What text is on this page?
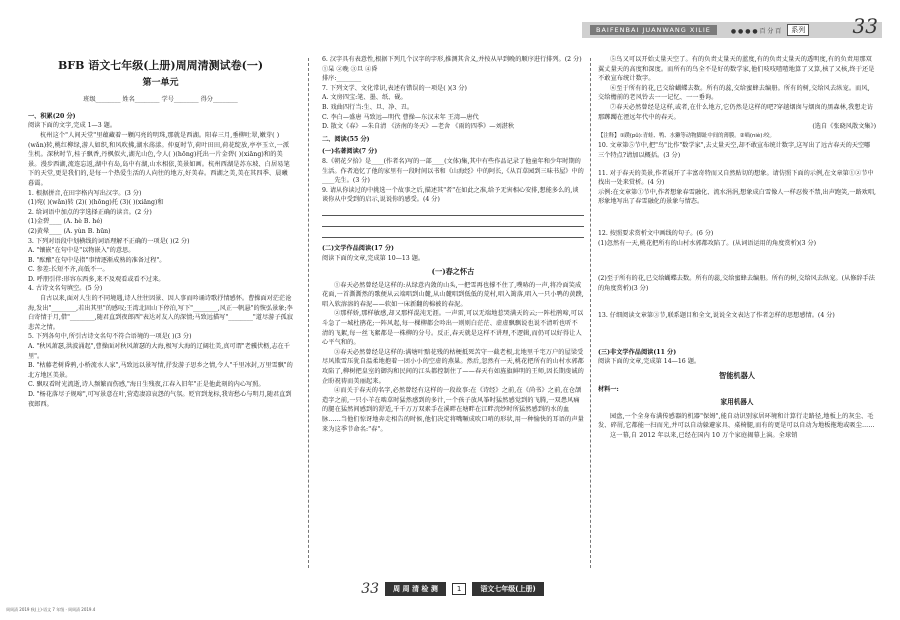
BAIFENBAI JUANWANG XILIE	● ● ● ● 百 分 百	系列 33
BFB 语文七年级(上册)周周清测试卷(一)
第一单元
班级________ 姓名________ 学号________ 得分________
一、积累(20 分)
阅读下面的文字,完成 1—3 题。
杭州这个"人间天堂"里蕴藏着一颗闪亮的明珠,那就是西湖。阳春三月,垂柳吐翠,嫩芽( )(wǎn)转,桃红柳绿,游人如织,和风吹拂,湖水荡漾。仲夏时节,荷叶田田,荷花绽放,亭亭玉立,一派生机。深秋时节,桂子飘香,丹枫似火,湖光山色,令人( )(hōng)托出一片金碧( )(xiāng)和的美景。漫步西湖,流连忘返,湖中有岛,岛中有湖,山水相依,美景如画。杭州西湖是苏东坡、白居易笔下的天堂,更是我们的,是每一个热爱生活的人向往的地方,好美春。西湖之美,美在其四季、晨曦暮霭。
1. 根据拼音,在田字格内写出汉字。(3 分)
(1)宛( )(wǎn)转 (2)( )(hōng)托 (3)( )(xiāng)和
2. 给词语中加点的字选择正确的读音。(2 分)
(1)金碧____ (A. hè B. hé)
(2)黄晕____ (A. yùn B. hūn)
3. 下列对语段中划横线的词语理解不正确的一项是( )(2 分)
A. "镶嵌"在句中是"以物嵌入"的意思。
B. "酝酿"在句中是指"事情逐渐成熟的准备过程"。
C. 参差:长短不齐,高低不一。
D. 呼朋引伴:形容东西多,来不及观看或看不过来。
4. 古诗文名句填空。(5 分)
自古以来,面对人生的不同境遇,诗人往往因景、因人事而吟诵诗歌抒情感怀。曹操面对茫茫沧海,发出"________,若出其里"的感叹;王湾北固山下停泊,写下"________,风正一帆悬"的恢弘景象;李白寄情于月,借"________,随君直到夜郎西"表达对友人的深情;马致远描写"________"道尽游子孤寂悲苦之情。
5. 下列各句中,所引古诗文名句不符合语境的一项是( )(3 分)
A. "秋风萧瑟,洪波涌起",曹操面对秋风萧瑟的大海,极写大海的辽阔壮美,真可谓"老骥伏枥,志在千里"。
B. "枯藤老树昏鸦,小桥流水人家",马致远以景写情,抒发游子思乡之情,令人"千里冰封,万里雪飘"的北方地区美景。
C. 飘叹看时光流逝,诗人频繁而伤感,"海日生残夜,江春入旧年"正是他此刻的内心写照。
D. "杨花落尽子规啼",可写景意在叶,营造凄凉哀怨的气氛。贬官到龙标,我寄愁心与明月,随君直到夜郎西。
6. 汉字具有表意性,根据下列几个汉字的字形,推测其含义,并按从早到晚的顺序进行排列。(2 分)
①杲 ②晚 ③旦 ④昏
排序:________
7. 下列文学、文化常识,表述有错误的一项是( )(3 分)
A. 文房四宝:笔、墨、纸、砚。
B. 戏曲四行当:生、旦、净、丑。
C. 李白—盛唐 马致远—明代 曹操—东汉末年 王湾—唐代
D. 散文《春》—朱自清 《济南的冬天》—老舍 《雨的四季》—刘湛秋
二、阅读(55 分)
(一)名著阅读(7 分)
8.《朝花夕拾》是____(作者名)写的一部____(文体)集,其中有些作品记录了他童年和少年时期的生活。作者追忆了他的家里有一段时间以书和《山海经》中的阿长,《从百草园到三味书屋》中的____先生。(3 分)
9. 请从你读过的中挑选一个故事之后,描述其"者"在如此之准,给予无害相心安排,想能多么的,谈谈你从中受到的启示,说说你的感受。(4 分)
(二)文学作品阅读(17 分)
阅读下面的文章,完成第 10—13 题。
(一)春之怀古
①春天必然曾经是这样的:从绿意内敛的山头,一把雪再也撑不住了,噗哧的一声,将冷面笑成花面,一首澌澌然的歌便从云端唱到山麓,从山麓唱到低低的荒村,唱入篱落,唱入一只小鸭的黄蹼,唱入软溶溶的春泥——软如一床新翻的棉被的春泥。
②那样娇,那样敏感,却又那样混沌无涯。一声雷,可以无端地惹哭满天的云;一阵杜鹃啼,可以斗急了一城杜鹃花;一阵风起,每一棵柳都会吟出一则则白茫茫、虚虚飘飘说也说不清听也听不清的飞絮,每一丝飞絮都是一株柳的分号。反正,春天就是这样不讲理,不逻辑,而仍可以好得让人心平气和的。
③春天必然曾经是这样的:满塘叶黯花残的枯梗抵死苦守一截老根,北地里千宅万户的屋梁受尽风欺雪压犹自温柔地抱着一团小小的空虚的燕巢。然后,忽然有一天,桃花把所有的山村水郭都攻陷了,柳树把皇室的御沟和民间的江头都控制住了——春天有如旌旗鲜明的王师,因长期虔诚的企盼祝祷而美丽起来。
④而关于春天的名字,必然曾经有这样的一段故事:在《诗经》之前,在《尚书》之前,在仓颉造字之前,一只小羊在啮草时猛然感到的多汁,一个孩子放风筝时猛然感觉到的飞腾,一双患风痛的腿在猛然间感到的舒适,千千万万双素手在溪畔在塘畔在江畔浣纱时所猛然感到的水的血脉……当他们惊讶地奔走相告的时候,他们决定将嘴噘成吹口哨的形状,用一种愉快的耳语的声量来为这季节命名:"春"。
⑤鸟又可以开始丈量天空了。有的负责丈量天的蓝度,有的负责丈量天的透明度,有的负责用那双翼丈量天的高度和深度。而所有的鸟全不是好的数学家,他们吱吱喳喳地算了又算,核了又核,终于还是不敢宣布统计数字。
⑥至于所有的花,已交给蝴蝶去数。所有的蕊,交给蜜蜂去编册。所有的树,交给风去纵宠。而风,交给檐前的老风铃去一一记忆、一一垂询。
⑦春天必然曾经是这样,或者,在什么地方,它仍然是这样的吧?穿越烟囱与烟囱的黑森林,我想走访那踯躅在湮远年代中的春天。
(选自《张晓风散文集》)
【注释】①蹼(pǔ):青蛙、鸭、水獭等动物脚趾中间的薄膜。②啮(niè):咬。
10. 文章第⑤节中,把"鸟"比作"数学家",去丈量天空,却不敢宣布统计数字,这写出了远古春天的天空哪三个特点?请加以概括。(3 分)
11. 对于春天的美景,作者展开了丰富奇特而又自然贴切的想象。请仿照下面的示例,在文章第①②节中找出一处来赏析。(4 分)
示例:在文章第①节中,作者想象春雪融化、流水涓涓,想象成白雪像人一样忍俊不禁,出声跑笑,一路欢唱,形象地写出了春雪融化的景象与情态。
12. 按照要求赏析文中画线的句子。(6 分)
(1)忽然有一天,桃花把所有的山村水郭都攻陷了。(从词语运用的角度赏析)(3 分)
(2)至于所有的花,已交给蝴蝶去数。所有的蕊,交给蜜蜂去编册。所有的树,交给风去纵宠。(从修辞手法的角度赏析)(3 分)
13. 仔细阅读文章第③节,联系题目和全文,说说全文表达了作者怎样的思想感情。(4 分)
(三)非文学作品阅读(11 分)
阅读下面的文章,完成第 14—16 题。
智能机器人
材料一:
家用机器人
园盘,一个全身布满传感器的机器"保姆",能自动识别家居环境和计算行走路径,地板上的灰尘、毛发、碎屑,它都能一扫而光,并可以自动躲避家具、桌椅腿,而有的更是可以自动为地板拖地或吸尘……
这一幕,自 2012 年以来,已经在国内 10 万个家庭揭幕上演。全球销
33	周 周 清 检 测	1	语文七年级(上册)
周周清 2019 秋(上)·语文 7 年级 · 周周清 2019.4
